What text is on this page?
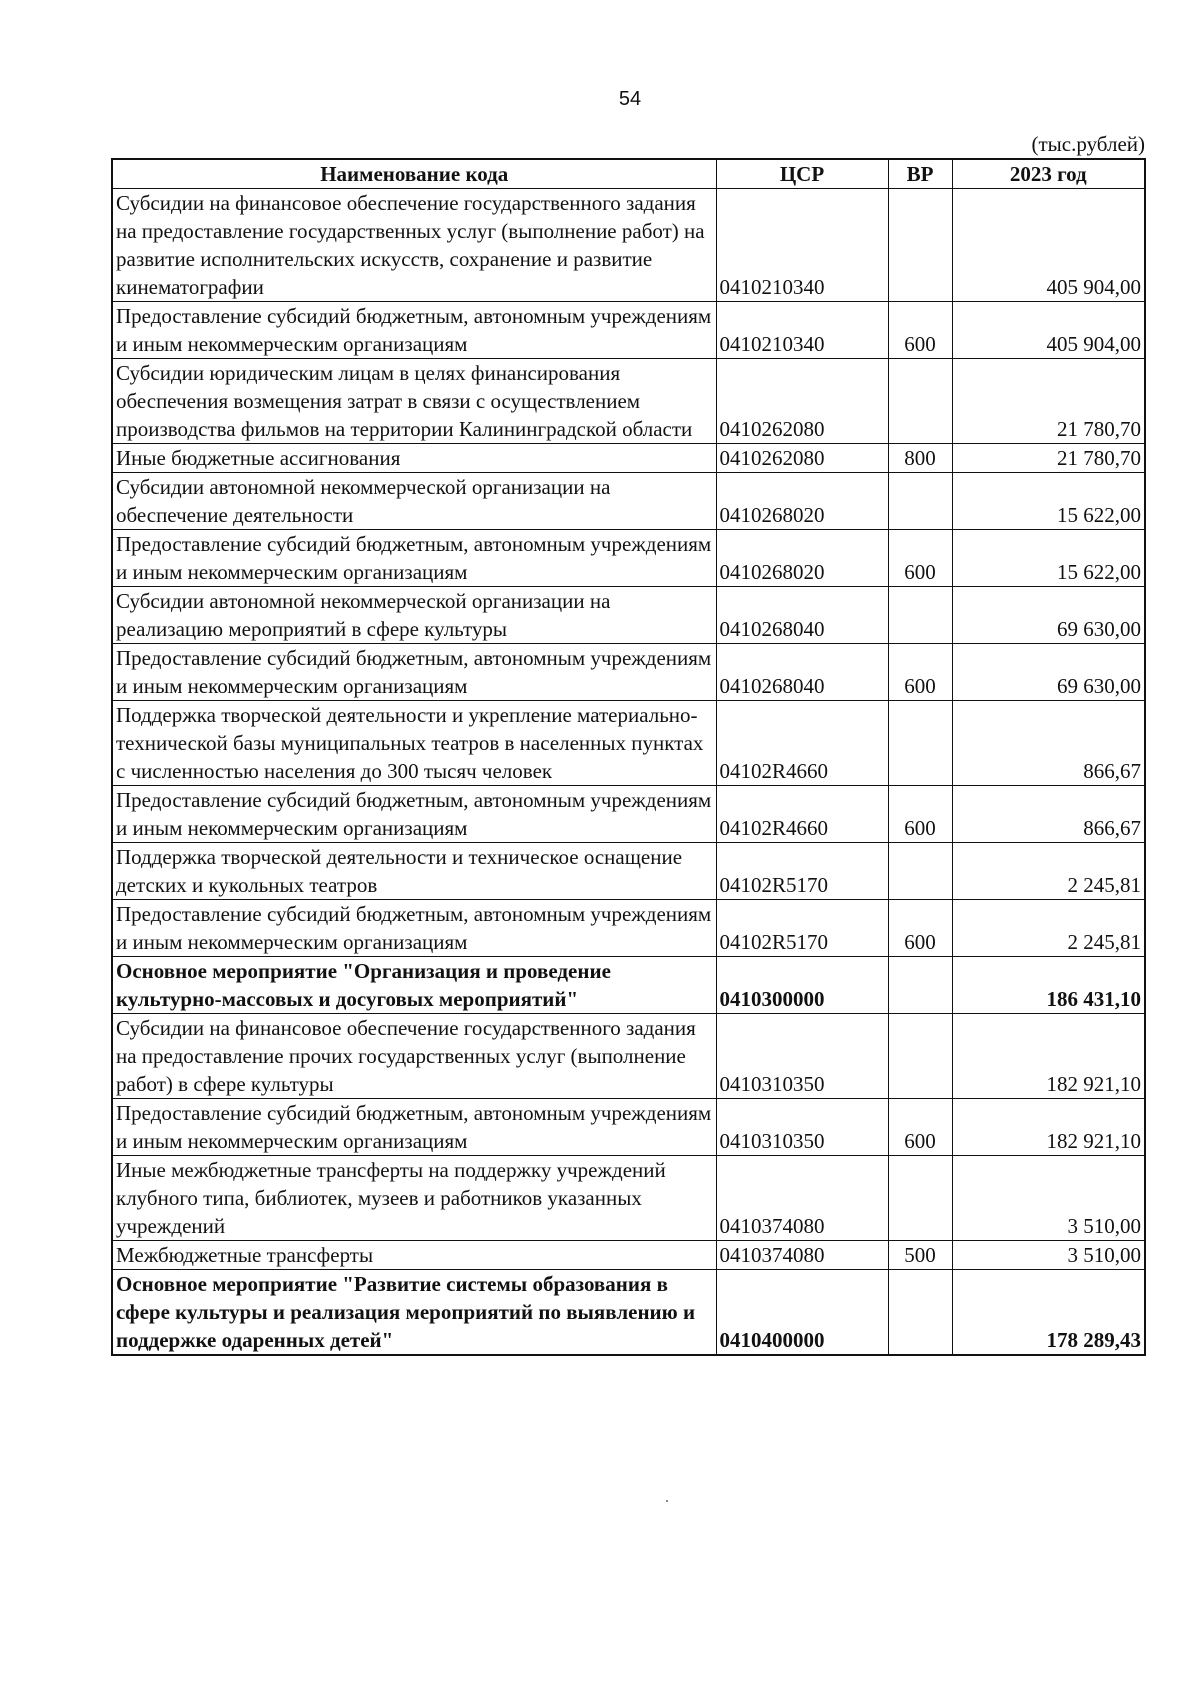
54
(тыс.рублей)
Наименование кода	ЦСР	ВР	2023 год
Субсидии на финансовое обеспечение государственного задания на предоставление государственных услуг (выполнение работ) на развитие исполнительских искусств, сохранение и развитие кинематографии	0410210340		405 904,00
Предоставление субсидий бюджетным, автономным учреждениям и иным некоммерческим организациям	0410210340	600	405 904,00
Субсидии юридическим лицам в целях финансирования обеспечения возмещения затрат в связи с осуществлением производства фильмов на территории Калининградской области	0410262080		21 780,70
Иные бюджетные ассигнования	0410262080	800	21 780,70
Субсидии автономной некоммерческой организации на обеспечение деятельности	0410268020		15 622,00
Предоставление субсидий бюджетным, автономным учреждениям и иным некоммерческим организациям	0410268020	600	15 622,00
Субсидии автономной некоммерческой организации на реализацию мероприятий в сфере культуры	0410268040		69 630,00
Предоставление субсидий бюджетным, автономным учреждениям и иным некоммерческим организациям	0410268040	600	69 630,00
Поддержка творческой деятельности и укрепление материально-технической базы муниципальных театров в населенных пунктах с численностью населения до 300 тысяч человек	04102R4660		866,67
Предоставление субсидий бюджетным, автономным учреждениям и иным некоммерческим организациям	04102R4660	600	866,67
Поддержка творческой деятельности и техническое оснащение детских и кукольных театров	04102R5170		2 245,81
Предоставление субсидий бюджетным, автономным учреждениям и иным некоммерческим организациям	04102R5170	600	2 245,81
Основное мероприятие "Организация и проведение культурно-массовых и досуговых мероприятий"	0410300000		186 431,10
Субсидии на финансовое обеспечение государственного задания на предоставление прочих государственных услуг (выполнение работ) в сфере культуры	0410310350		182 921,10
Предоставление субсидий бюджетным, автономным учреждениям и иным некоммерческим организациям	0410310350	600	182 921,10
Иные межбюджетные трансферты на поддержку учреждений клубного типа, библиотек, музеев и работников указанных учреждений	0410374080		3 510,00
Межбюджетные трансферты	0410374080	500	3 510,00
Основное мероприятие "Развитие системы образования в сфере культуры и реализация мероприятий по выявлению и поддержке одаренных детей"	0410400000		178 289,43
